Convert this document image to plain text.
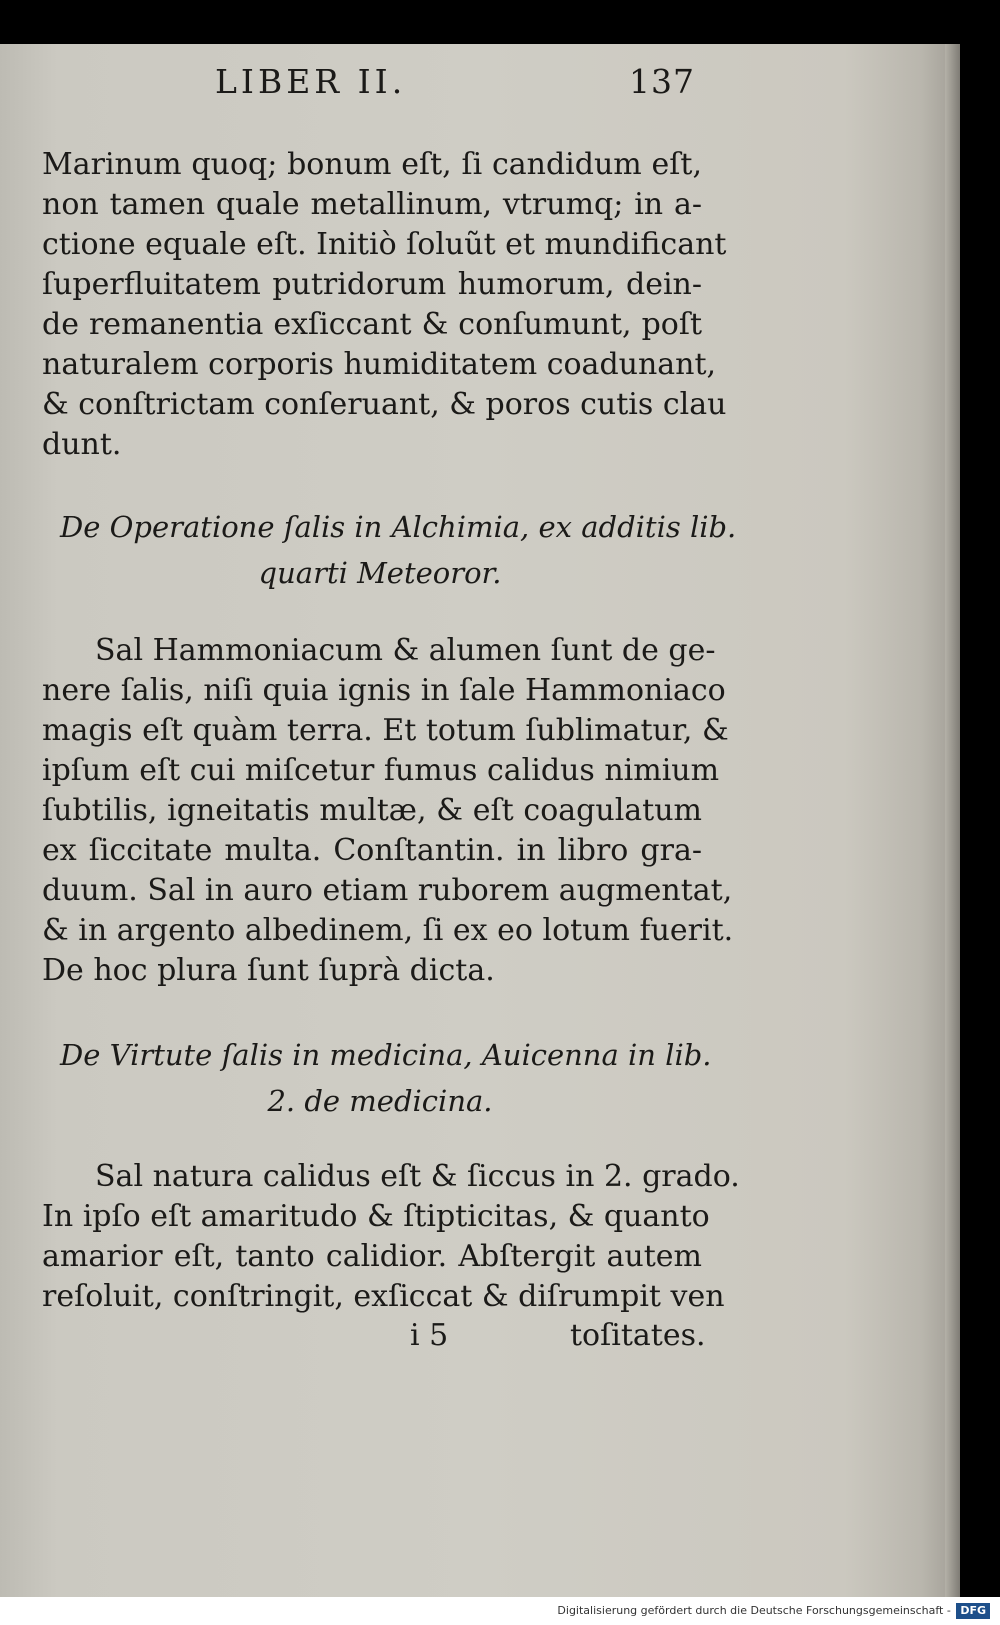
LIBER II.	137
Marinum quoq; bonum eſt, ſi candidum eſt,
non tamen quale metallinum, vtrumq; in a-
ctione equale eſt. Initiò ſoluũt et mundificant
ſuperfluitatem putridorum humorum, dein-
de remanentia exſiccant & conſumunt, poſt
naturalem corporis humiditatem coadunant,
& conſtrictam conſeruant, & poros cutis clau
dunt.
De Operatione ſalis in Alchimia, ex additis lib.
quarti Meteoror.
Sal Hammoniacum & alumen ſunt de ge-
nere ſalis, niſi quia ignis in ſale Hammoniaco
magis eſt quàm terra. Et totum ſublimatur, &
ipſum eſt cui miſcetur fumus calidus nimium
ſubtilis, igneitatis multæ, & eſt coagulatum
ex ſiccitate multa. Conſtantin. in libro gra-
duum. Sal in auro etiam ruborem augmentat,
& in argento albedinem, ſi ex eo lotum fuerit.
De hoc plura ſunt ſuprà dicta.
De Virtute ſalis in medicina, Auicenna in lib.
2. de medicina.
Sal natura calidus eſt & ſiccus in 2. grado.
In ipſo eſt amaritudo & ſtipticitas, & quanto
amarior eſt, tanto calidior. Abſtergit autem
reſoluit, conſtringit, exſiccat & diſrumpit ven
i 5	toſitates.
Digitalisierung gefördert durch die Deutsche Forschungsgemeinschaft - DFG
